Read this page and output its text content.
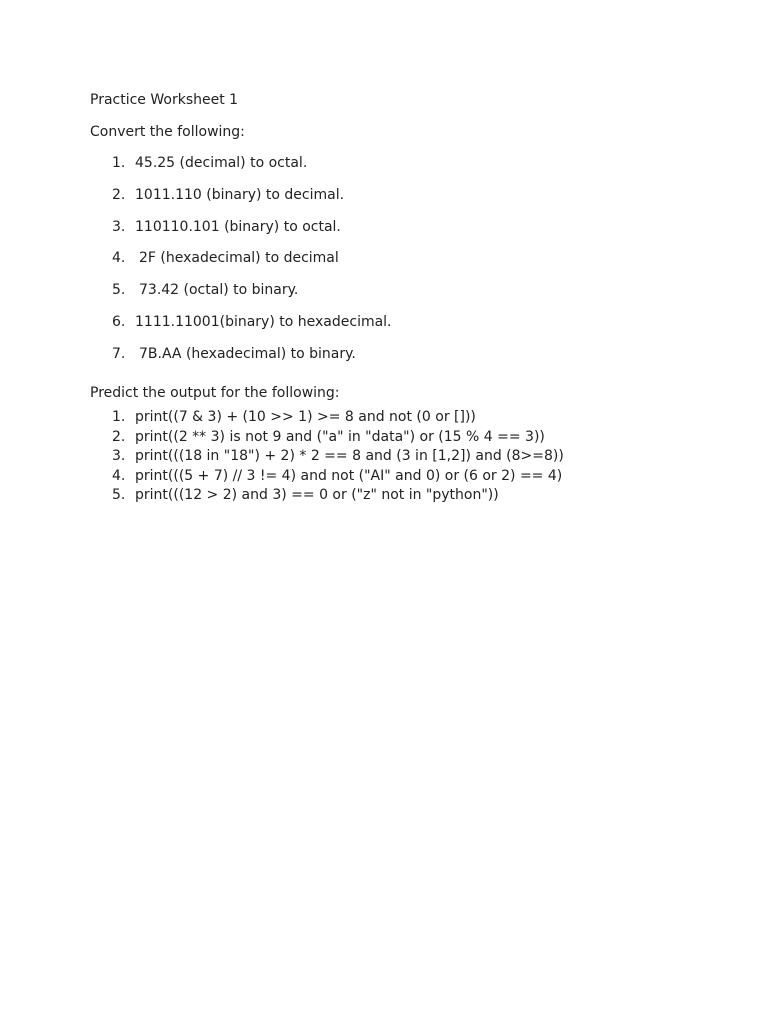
Practice Worksheet 1
Convert the following:
1. 45.25 (decimal) to octal.
2. 1011.110 (binary) to decimal.
3. 110110.101 (binary) to octal.
4. 2F (hexadecimal) to decimal
5. 73.42 (octal) to binary.
6. 1111.11001(binary) to hexadecimal.
7. 7B.AA (hexadecimal) to binary.
Predict the output for the following:
1. print((7 & 3) + (10 >> 1) >= 8 and not (0 or []))
2. print((2 ** 3) is not 9 and ("a" in "data") or (15 % 4 == 3))
3. print(((18 in "18") + 2) * 2 == 8 and (3 in [1,2]) and (8>=8))
4. print(((5 + 7) // 3 != 4) and not ("AI" and 0) or (6 or 2) == 4)
5. print(((12 > 2) and 3) == 0 or ("z" not in "python"))
